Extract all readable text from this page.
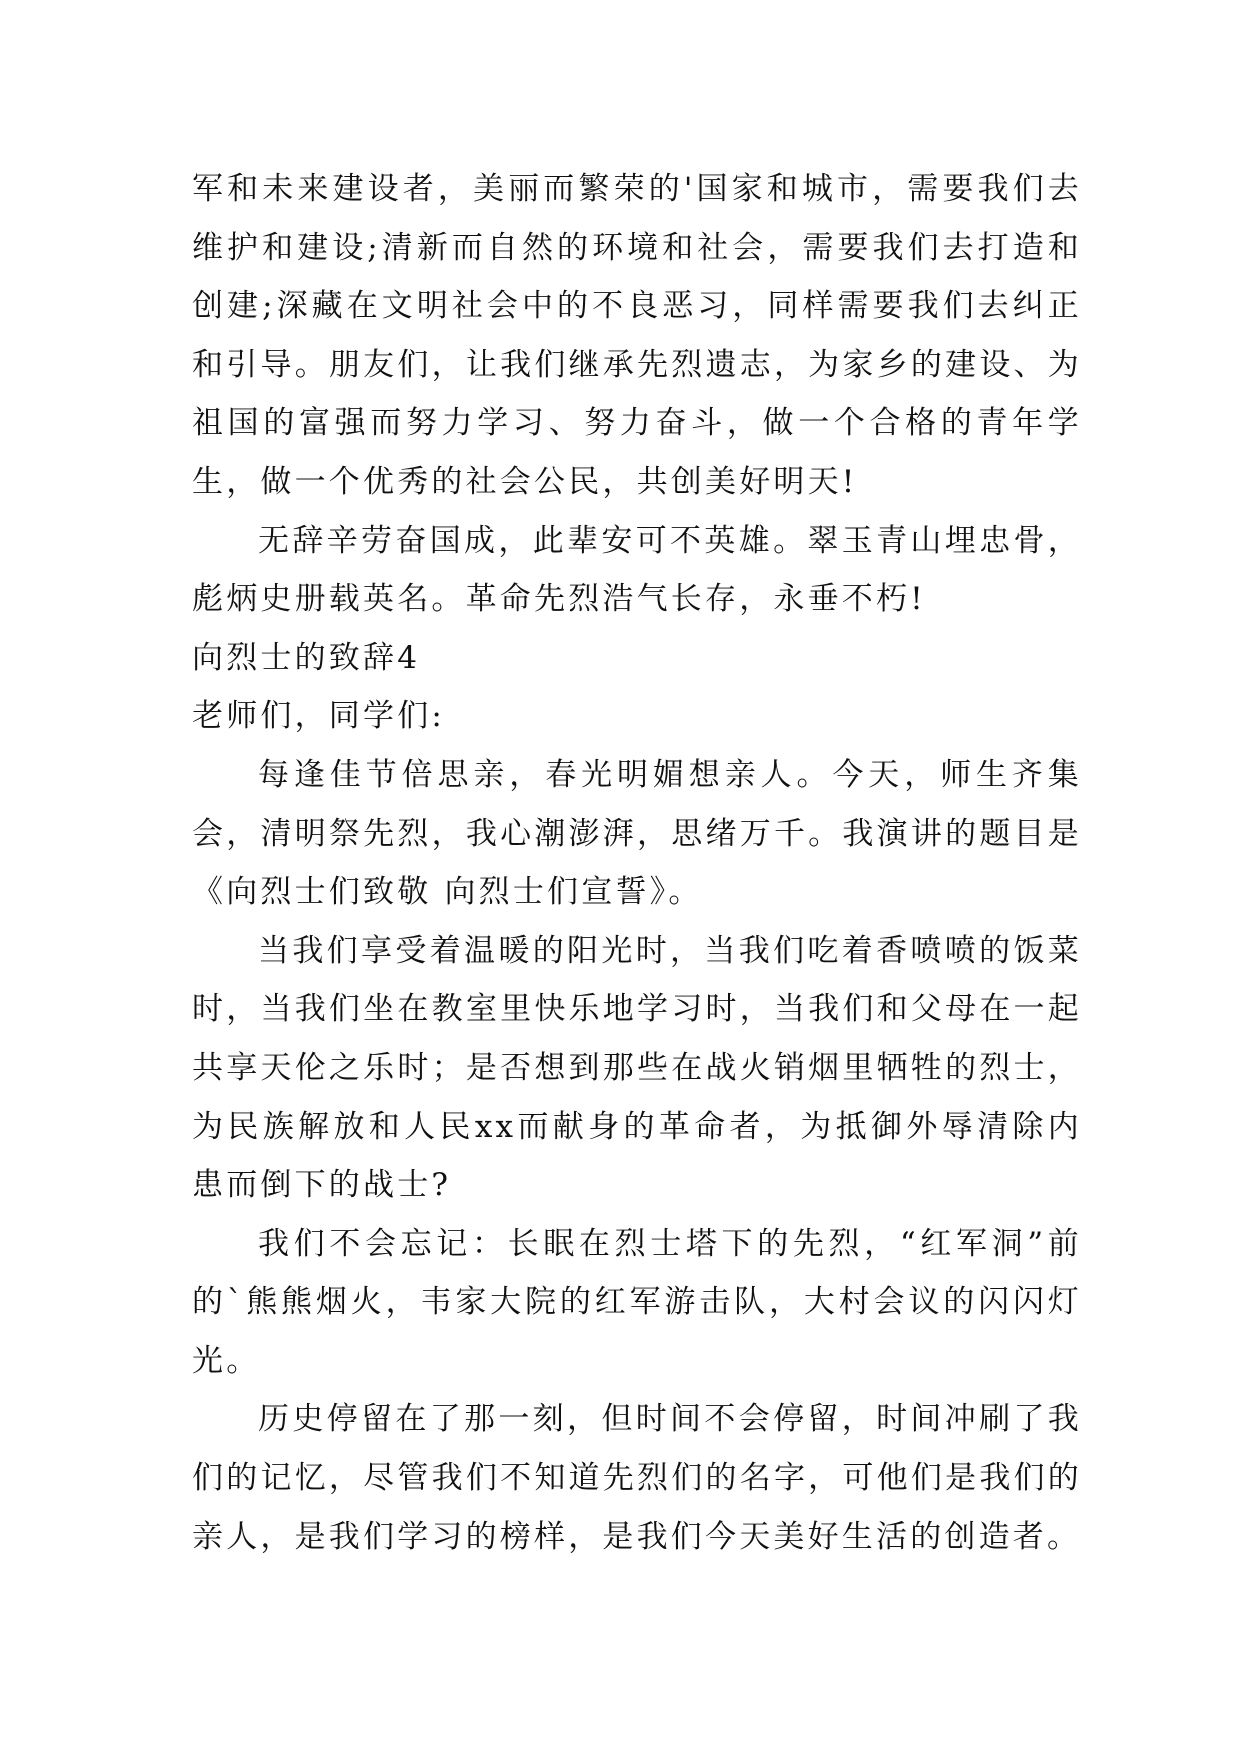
军和未来建设者，美丽而繁荣的'国家和城市，需要我们去维护和建设;清新而自然的环境和社会，需要我们去打造和创建;深藏在文明社会中的不良恶习，同样需要我们去纠正和引导。朋友们，让我们继承先烈遗志，为家乡的建设、为祖国的富强而努力学习、努力奋斗，做一个合格的青年学生，做一个优秀的社会公民，共创美好明天!

无辞辛劳奋国成，此辈安可不英雄。翠玉青山埋忠骨，彪炳史册载英名。革命先烈浩气长存，永垂不朽!

向烈士的致辞4

老师们，同学们:

每逢佳节倍思亲，春光明媚想亲人。今天，师生齐集会，清明祭先烈，我心潮澎湃，思绪万千。我演讲的题目是《向烈士们致敬 向烈士们宣誓》。

当我们享受着温暖的阳光时，当我们吃着香喷喷的饭菜时，当我们坐在教室里快乐地学习时，当我们和父母在一起共享天伦之乐时；是否想到那些在战火销烟里牺牲的烈士，为民族解放和人民xx而献身的革命者，为抵御外辱清除内患而倒下的战士?

我们不会忘记：长眠在烈士塔下的先烈，“红军洞”前的`熊熊烟火，韦家大院的红军游击队，大村会议的闪闪灯光。

历史停留在了那一刻，但时间不会停留，时间冲刷了我们的记忆，尽管我们不知道先烈们的名字，可他们是我们的亲人，是我们学习的榜样，是我们今天美好生活的创造者。
